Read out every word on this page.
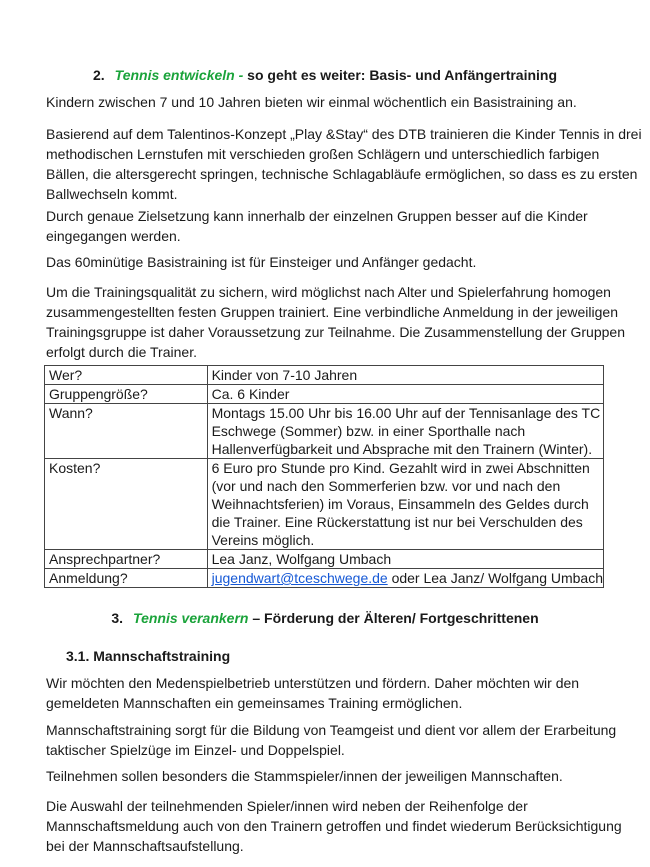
2. Tennis entwickeln - so geht es weiter: Basis- und Anfängertraining

Kindern zwischen 7 und 10 Jahren bieten wir einmal wöchentlich ein Basistraining an.

Basierend auf dem Talentinos-Konzept „Play &Stay“ des DTB trainieren die Kinder Tennis in drei
methodischen Lernstufen mit verschieden großen Schlägern und unterschiedlich farbigen
Bällen, die altersgerecht springen, technische Schlagabläufe ermöglichen, so dass es zu ersten
Ballwechseln kommt.

Durch genaue Zielsetzung kann innerhalb der einzelnen Gruppen besser auf die Kinder
eingegangen werden.

Das 60minütige Basistraining ist für Einsteiger und Anfänger gedacht.

Um die Trainingsqualität zu sichern, wird möglichst nach Alter und Spielerfahrung homogen
zusammengestellten festen Gruppen trainiert. Eine verbindliche Anmeldung in der jeweiligen
Trainingsgruppe ist daher Voraussetzung zur Teilnahme. Die Zusammenstellung der Gruppen
erfolgt durch die Trainer.

Wer?	Kinder von 7-10 Jahren

Gruppengröße?	Ca. 6 Kinder

Wann?	Montags 15.00 Uhr bis 16.00 Uhr auf der Tennisanlage des TC
Eschwege (Sommer) bzw. in einer Sporthalle nach
Hallenverfügbarkeit und Absprache mit den Trainern (Winter).

Kosten?	6 Euro pro Stunde pro Kind. Gezahlt wird in zwei Abschnitten
(vor und nach den Sommerferien bzw. vor und nach den
Weihnachtsferien) im Voraus, Einsammeln des Geldes durch
die Trainer. Eine Rückerstattung ist nur bei Verschulden des
Vereins möglich.

Ansprechpartner?	Lea Janz, Wolfgang Umbach

Anmeldung?	jugendwart@tceschwege.de oder Lea Janz/ Wolfgang Umbach
3. Tennis verankern – Förderung der Älteren/ Fortgeschrittenen
3.1. Mannschaftstraining

Wir möchten den Medenspielbetrieb unterstützen und fördern. Daher möchten wir den
gemeldeten Mannschaften ein gemeinsames Training ermöglichen.

Mannschaftstraining sorgt für die Bildung von Teamgeist und dient vor allem der Erarbeitung
taktischer Spielzüge im Einzel- und Doppelspiel.

Teilnehmen sollen besonders die Stammspieler/innen der jeweiligen Mannschaften.

Die Auswahl der teilnehmenden Spieler/innen wird neben der Reihenfolge der
Mannschaftsmeldung auch von den Trainern getroffen und findet wiederum Berücksichtigung
bei der Mannschaftsaufstellung.
